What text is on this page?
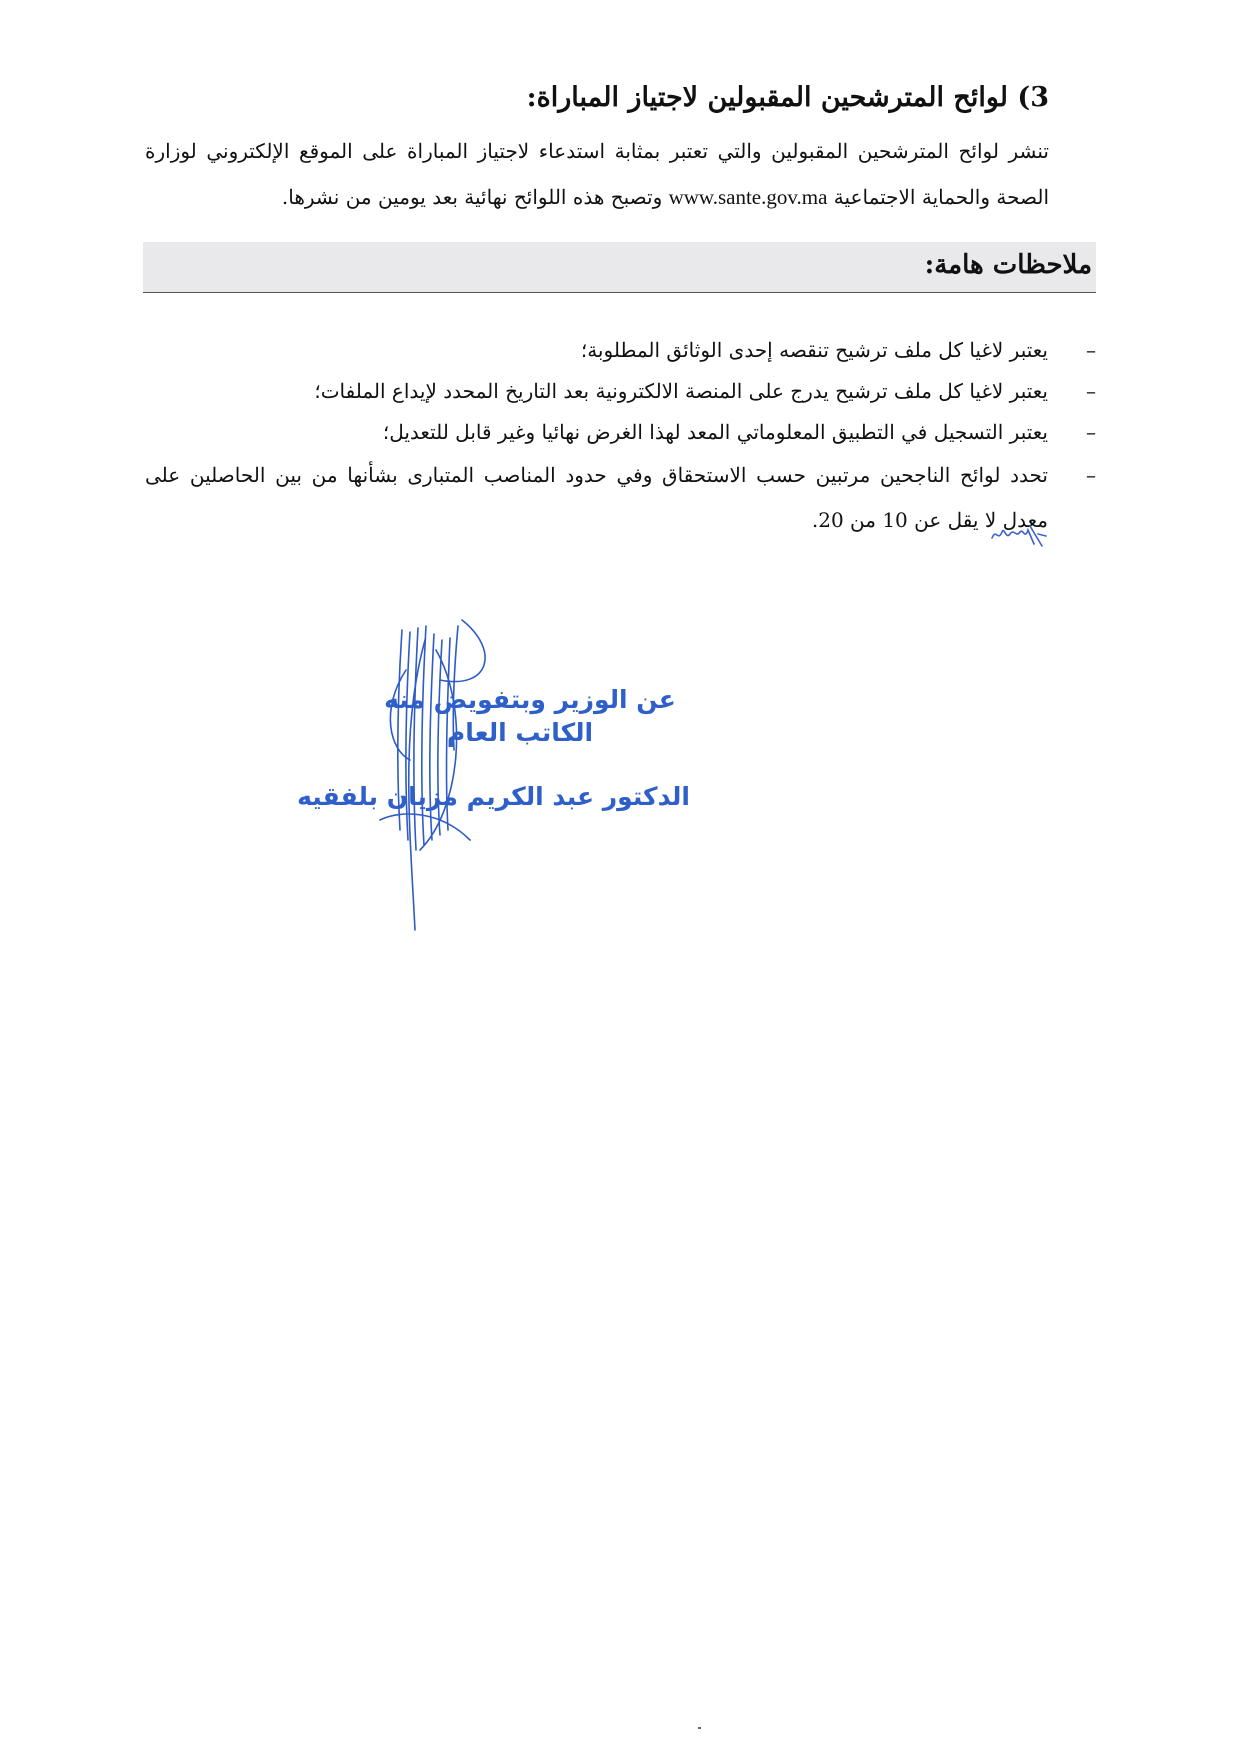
3) لوائح المترشحين المقبولين لاجتياز المباراة:
تنشر لوائح المترشحين المقبولين والتي تعتبر بمثابة استدعاء لاجتياز المباراة على الموقع الإلكتروني لوزارة الصحة والحماية الاجتماعية www.sante.gov.ma وتصبح هذه اللوائح نهائية بعد يومين من نشرها.
ملاحظات هامة:
–
يعتبر لاغيا كل ملف ترشيح تنقصه إحدى الوثائق المطلوبة؛
–
يعتبر لاغيا كل ملف ترشيح يدرج على المنصة الالكترونية بعد التاريخ المحدد لإيداع الملفات؛
–
يعتبر التسجيل في التطبيق المعلوماتي المعد لهذا الغرض نهائيا وغير قابل للتعديل؛
–
تحدد لوائح الناجحين مرتبين حسب الاستحقاق وفي حدود المناصب المتبارى بشأنها من بين الحاصلين على معدل لا يقل عن 10 من 20.
عن الوزير وبتفويض منه
الكاتب العام
الدكتور عبد الكريم مزيان بلفقيه
